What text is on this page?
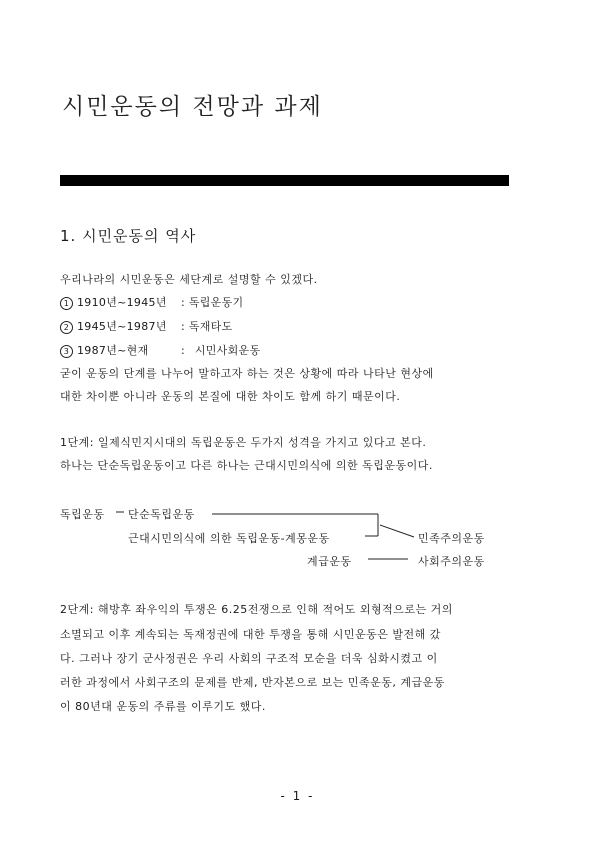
시민운동의 전망과 과제
1. 시민운동의 역사
우리나라의 시민운동은 세단계로 설명할 수 있겠다.
1 1910년~1945년 : 독립운동기
2 1945년~1987년 : 독재타도
3 1987년~현재	: 시민사회운동
굳이 운동의 단계를 나누어 말하고자 하는 것은 상황에 따라 나타난 현상에
대한 차이뿐 아니라 운동의 본질에 대한 차이도 함께 하기 때문이다.
1단계: 일제식민지시대의 독립운동은 두가지 성격을 가지고 있다고 본다.
하나는 단순독립운동이고 다른 하나는 근대시민의식에 의한 독립운동이다.
독립운동 단순독립운동
근대시민의식에 의한 독립운동-계몽운동	민족주의운동
계급운동	사회주의운동
2단계: 해방후 좌우익의 투쟁은 6.25전쟁으로 인해 적어도 외형적으로는 거의
소멸되고 이후 계속되는 독재정권에 대한 투쟁을 통해 시민운동은 발전해 갔
다. 그러나 장기 군사정권은 우리 사회의 구조적 모순을 더욱 심화시켰고 이
러한 과정에서 사회구조의 문제를 반제, 반자본으로 보는 민족운동, 계급운동
이 80년대 운동의 주류를 이루기도 했다.
- 1 -
